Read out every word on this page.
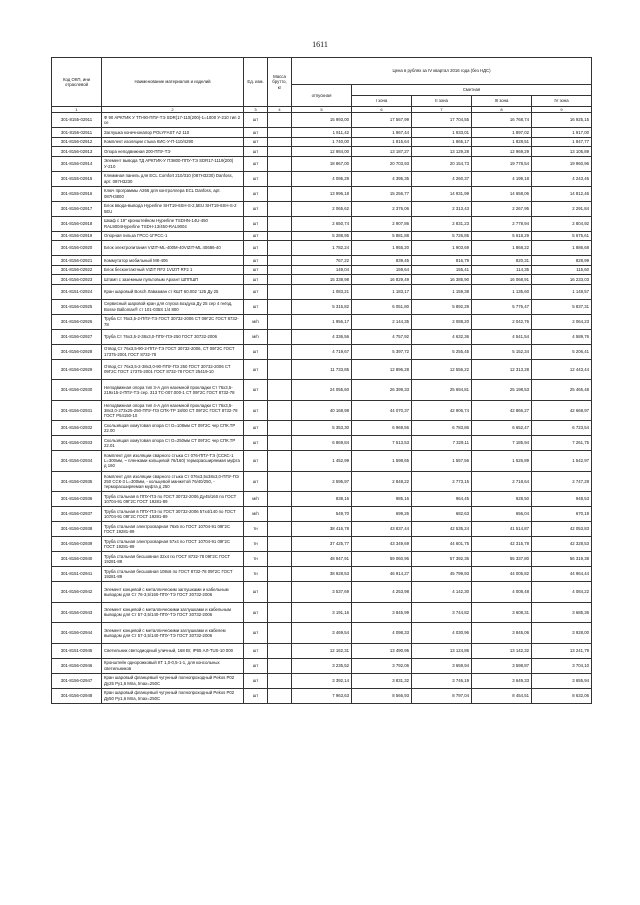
1611
Код ОКП, ини отраслевой	Наименование материалов и изделий	Ед. изм.	Масса брутто, кг	Цена в рублях за IV квартал 2016 года (без НДС)				
				отпускная	Сметная			
					I зона	II зона	III зона	IV зона
1	2	3	4	5	6	7	8	9
301-8155-02911	Ф 90 АРКТИК У ТП-90-ППУ-ТЭ SDR(17-110(200)-1=1000 У-210 тип 2 се	шт		15 993,00	17 567,99	17 704,55	16 768,74	16 925,15
301-8156-02911	Заглушка конечнонапор POLYFAST A2 110	шт		1 811,42	1 967,44	1 933,01	1 897,02	1 917,00
301-8156-02912	Комплект изоляции стыка КИС-У-П-110/4290	шт		1 740,00	1 815,64	1 865,17	1 828,51	1 847,77
301-8156-02913	Опора неподвижная 200-ППУ-ТЭ	шт		12 984,00	13 187,27	13 129,28	12 969,29	13 105,89
301-8156-02914	Элемент вывода ТД АРКТИК-У ПЭ800-ППУ-ТЭ SDR17-1119(200) У-210	шт		18 867,00	20 703,93	20 154,73	19 778,54	19 960,96
301-8155-02915	Клеммная панель для ECL Comfort 210/310 (087H3230) Danfoss, арт. 087H3230	шт		4 095,29	4 395,35	4 260,37	4 199,18	4 243,46
301-8155-02916	Ключ программы А266 для контроллера ECL Danfoss, арт. 087H3800	шт		13 996,18	15 256,77	14 931,99	14 658,06	14 812,46
301-8156-02917	Блок ввода-вывода Hyperline SHT19-6SH-S-2,5EU SHT19-6SH-S-2 5EU	шт		2 065,62	2 376,06	2 313,43	2 267,95	2 291,84
301-8156-02918	Шкаф с 19" кронштейном Hyperline TSDHN-14U-450 RAL9004Hyperline TSDH-13/450-RAL9004	шт		2 650,74	2 907,86	2 831,23	2 778,94	2 804,92
301-8156-02919	Опорная гильза ГРСС-1ГРСС-1	шт		5 288,95	5 881,88	5 726,85	5 618,29	5 675,61
301-8156-02920	Блок электропитания VIZIT-ML-400M-40VIZIT-ML 40686-40	шт		1 782,24	1 955,20	1 903,69	1 868,22	1 886,68
301-8156-02921	Коммутатор мобильный МК-406	шт		767,22	839,45	816,79	820,31	828,99
301-8156-02922	Блок бесконтактный VIZIT RF2 1VIZIT RF2 1	шт		149,04	159,64	155,41	114,35	115,60
301-8156-02923	Штамп с заземным пультовым Архант ШППШП	шт		15 338,98	16 829,49	16 385,90	16 068,91	16 233,03
301-8151-02924	Кран шаровый Bosch Лавазман ст КШТ 60.002 '125 Ду 25	шт		1 083,21	1 183,17	1 159,38	1 135,60	1 148,57
301-8156-02925	Сервисный шаровой кран для спуска воздуха Ду 25 сер 4 гнёзд, Bosse Ballomax® ст 101-035S 1/4 800	шт		5 315,82	6 051,80	5 892,29	5 776,47	5 837,31
301-8156-02926	Труба Ст 76х3,5-2-ППУ-ТЭ ГОСТ 30732-2006 СТ 09Г2С ГОСТ 8732-78	м/п		1 956,17	2 144,35	2 088,20	2 042,76	2 064,23
301-8156-02927	Труба Ст 76х3,5-2-38х3,0-ППУ-ПЭ-250 ГОСТ 30732-2006	м/п		4 336,56	4 757,92	4 632,36	4 541,54	4 589,76
301-8156-02928	Отвод Ст 76х3,5-90-2-ППУ-ТЭ ГОСТ 30732-2006, СТ 09Г2С ГОСТ 17375-2001 ГОСТ 8732-78	шт		4 719,67	5 397,72	5 255,45	5 152,34	5 206,41
301-8156-02929	Отвод Ст 76х3,5-2-38х3,0-90-ППУ-ПЭ 250 ГОСТ 30732-2006 СТ 09Г2С ГОСТ 17375-2001 ГОСТ 8732-78 ГОСТ 25419-10	шт		11 733,85	12 896,28	12 556,22	12 313,28	12 443,44
301-8156-02930	Неподвижная опора тип 3-А для наземной прокладки Ст 76х3,5-219х15-2-ППУ-ТЭ сер. 313 ТС-007.000-1 СТ 09Г2С ГОСТ 8732-78	шт		24 055,60	26 399,33	25 694,81	25 198,53	25 465,48
301-8156-02931	Неподвижная опора тип 4-А для наземной прокладки Ст 76х3,5-38х3,0-273х25-250-ППУ-ПЭ СПК-ТР 18/00 СТ 09Г2С ГОСТ 8732-78 ГОСТ Р54150-10	шт		40 168,98	44 070,37	42 906,74	42 866,27	42 668,97
301-8156-02932	Скользящая хомутовая опора Ст D=108мм СТ 09Г2С чер СПК.ТР 22.00	шт		5 353,30	6 969,56	6 783,86	6 652,47	6 723,54
301-8156-02933	Скользящая хомутовая опора Ст D=250мм СТ 09Г2С чер СПК.ТР 22.01	шт		6 869,84	7 513,53	7 329,11	7 185,94	7 261,75
301-8156-02934	Комплект для изоляции сварного стыка Ст 076-ППУ-ТЭ (ССКС-1 L=300мм, ~ пленками кольцевой 76/160) терморасширяемая муфта д 160	шт		1 452,99	1 598,65	1 557,56	1 526,89	1 542,97
301-8156-02935	Комплект для изоляции сварного стыка Ст 076х3,5х38х3,0-ППУ-ПЭ 250 ССК-3 L=300мм, - кольцевой манжетой 76/40/250, - терморасширяемая муфта д 250	шт		2 595,97	2 848,22	2 773,15	2 718,64	2 747,28
301-8156-02936	Труба стальная в ППУ-ПЭ по ГОСТ 30732-2006 Ду45/160 по ГОСТ 10704-91 09Г2С ГОСТ 19281-89	м/п		838,16	985,16	964,45	928,50	948,53
301-8156-02937	Труба стальная в ППУ-ПЭ по ГОСТ 30732-2006 57х4/140 по ГОСТ 10704-91 09Г2С ГОСТ 19281-89	м/п		549,70	699,26	682,63	656,04	670,19
301-8156-02938	Труба стальная электросварная 76х5 по ГОСТ 10704-91 09Г2С ГОСТ 19281-89	тн		38 416,78	43 837,44	42 535,24	41 514,87	42 053,83
301-8156-02939	Труба стальная электросварная 57х4 по ГОСТ 10704-91 09Г2С ГОСТ 19281-89	тн		37 425,77	43 349,69	44 601,75	42 315,78	42 328,53
301-8156-02940	Труба стальная бесшовная 32х4 по ГОСТ 8732-78 09Г2С ГОСТ 19281-89	тн		48 947,91	59 060,96	57 392,36	55 337,80	56 319,38
301-8151-02941	Труба стальная бесшовная 108х6 по ГОСТ 8732-78 09Г2С ГОСТ 19281-89	тн		38 928,53	46 914,27	45 799,93	44 005,82	44 964,44
301-8156-02942	Элемент концевой с металлическим заглушками и кабельным выводом для Ст 76-3,5/160-ППУ-ТЭ ГОСТ 30732-2006	шт		3 537,69	4 253,98	4 142,30	4 008,48	4 084,22
301-8156-02943	Элемент концевой с металлическими заглушками и кабельным выводом для Ст 57-3,5/140-ППУ-ТЭ ГОСТ 30732-2006	шт		3 191,16	3 845,99	3 744,82	3 608,31	3 685,36
301-8156-02944	Элемент концевой с металлическими заглушками и кабелем выводом для Ст 57-3,5/140-ППУ-ТЭ ГОСТ 30732-2006	шт		3 469,54	4 098,33	4 030,96	3 845,06	3 928,00
301-8151-02945	Светильник светодиодный уличный, 168 Вт, IP65 АЛ-TUS-10 000	шт		12 162,31	13 490,95	13 124,86	13 142,32	13 241,79
301-8156-02946	Кронштейн однорожковый КТ 1,0-0,5-1-1, для консольных светильников	шт		3 235,52	3 792,06	3 659,94	3 598,87	3 704,10
301-8156-02947	Кран шаровый фланцевый чугунный полнопроходный Pekos P02 Ду25 Ру1,6 Мпа, tmax=250С	шт		3 392,14	3 831,32	3 746,19	3 649,33	3 655,94
301-8156-02948	Кран шаровый фланцевый чугунный полнопроходный Pekos P02 Ду50 Ру1,6 Мпа, tmax=250С	шт		7 963,63	8 566,93	8 797,04	8 454,51	8 632,06
